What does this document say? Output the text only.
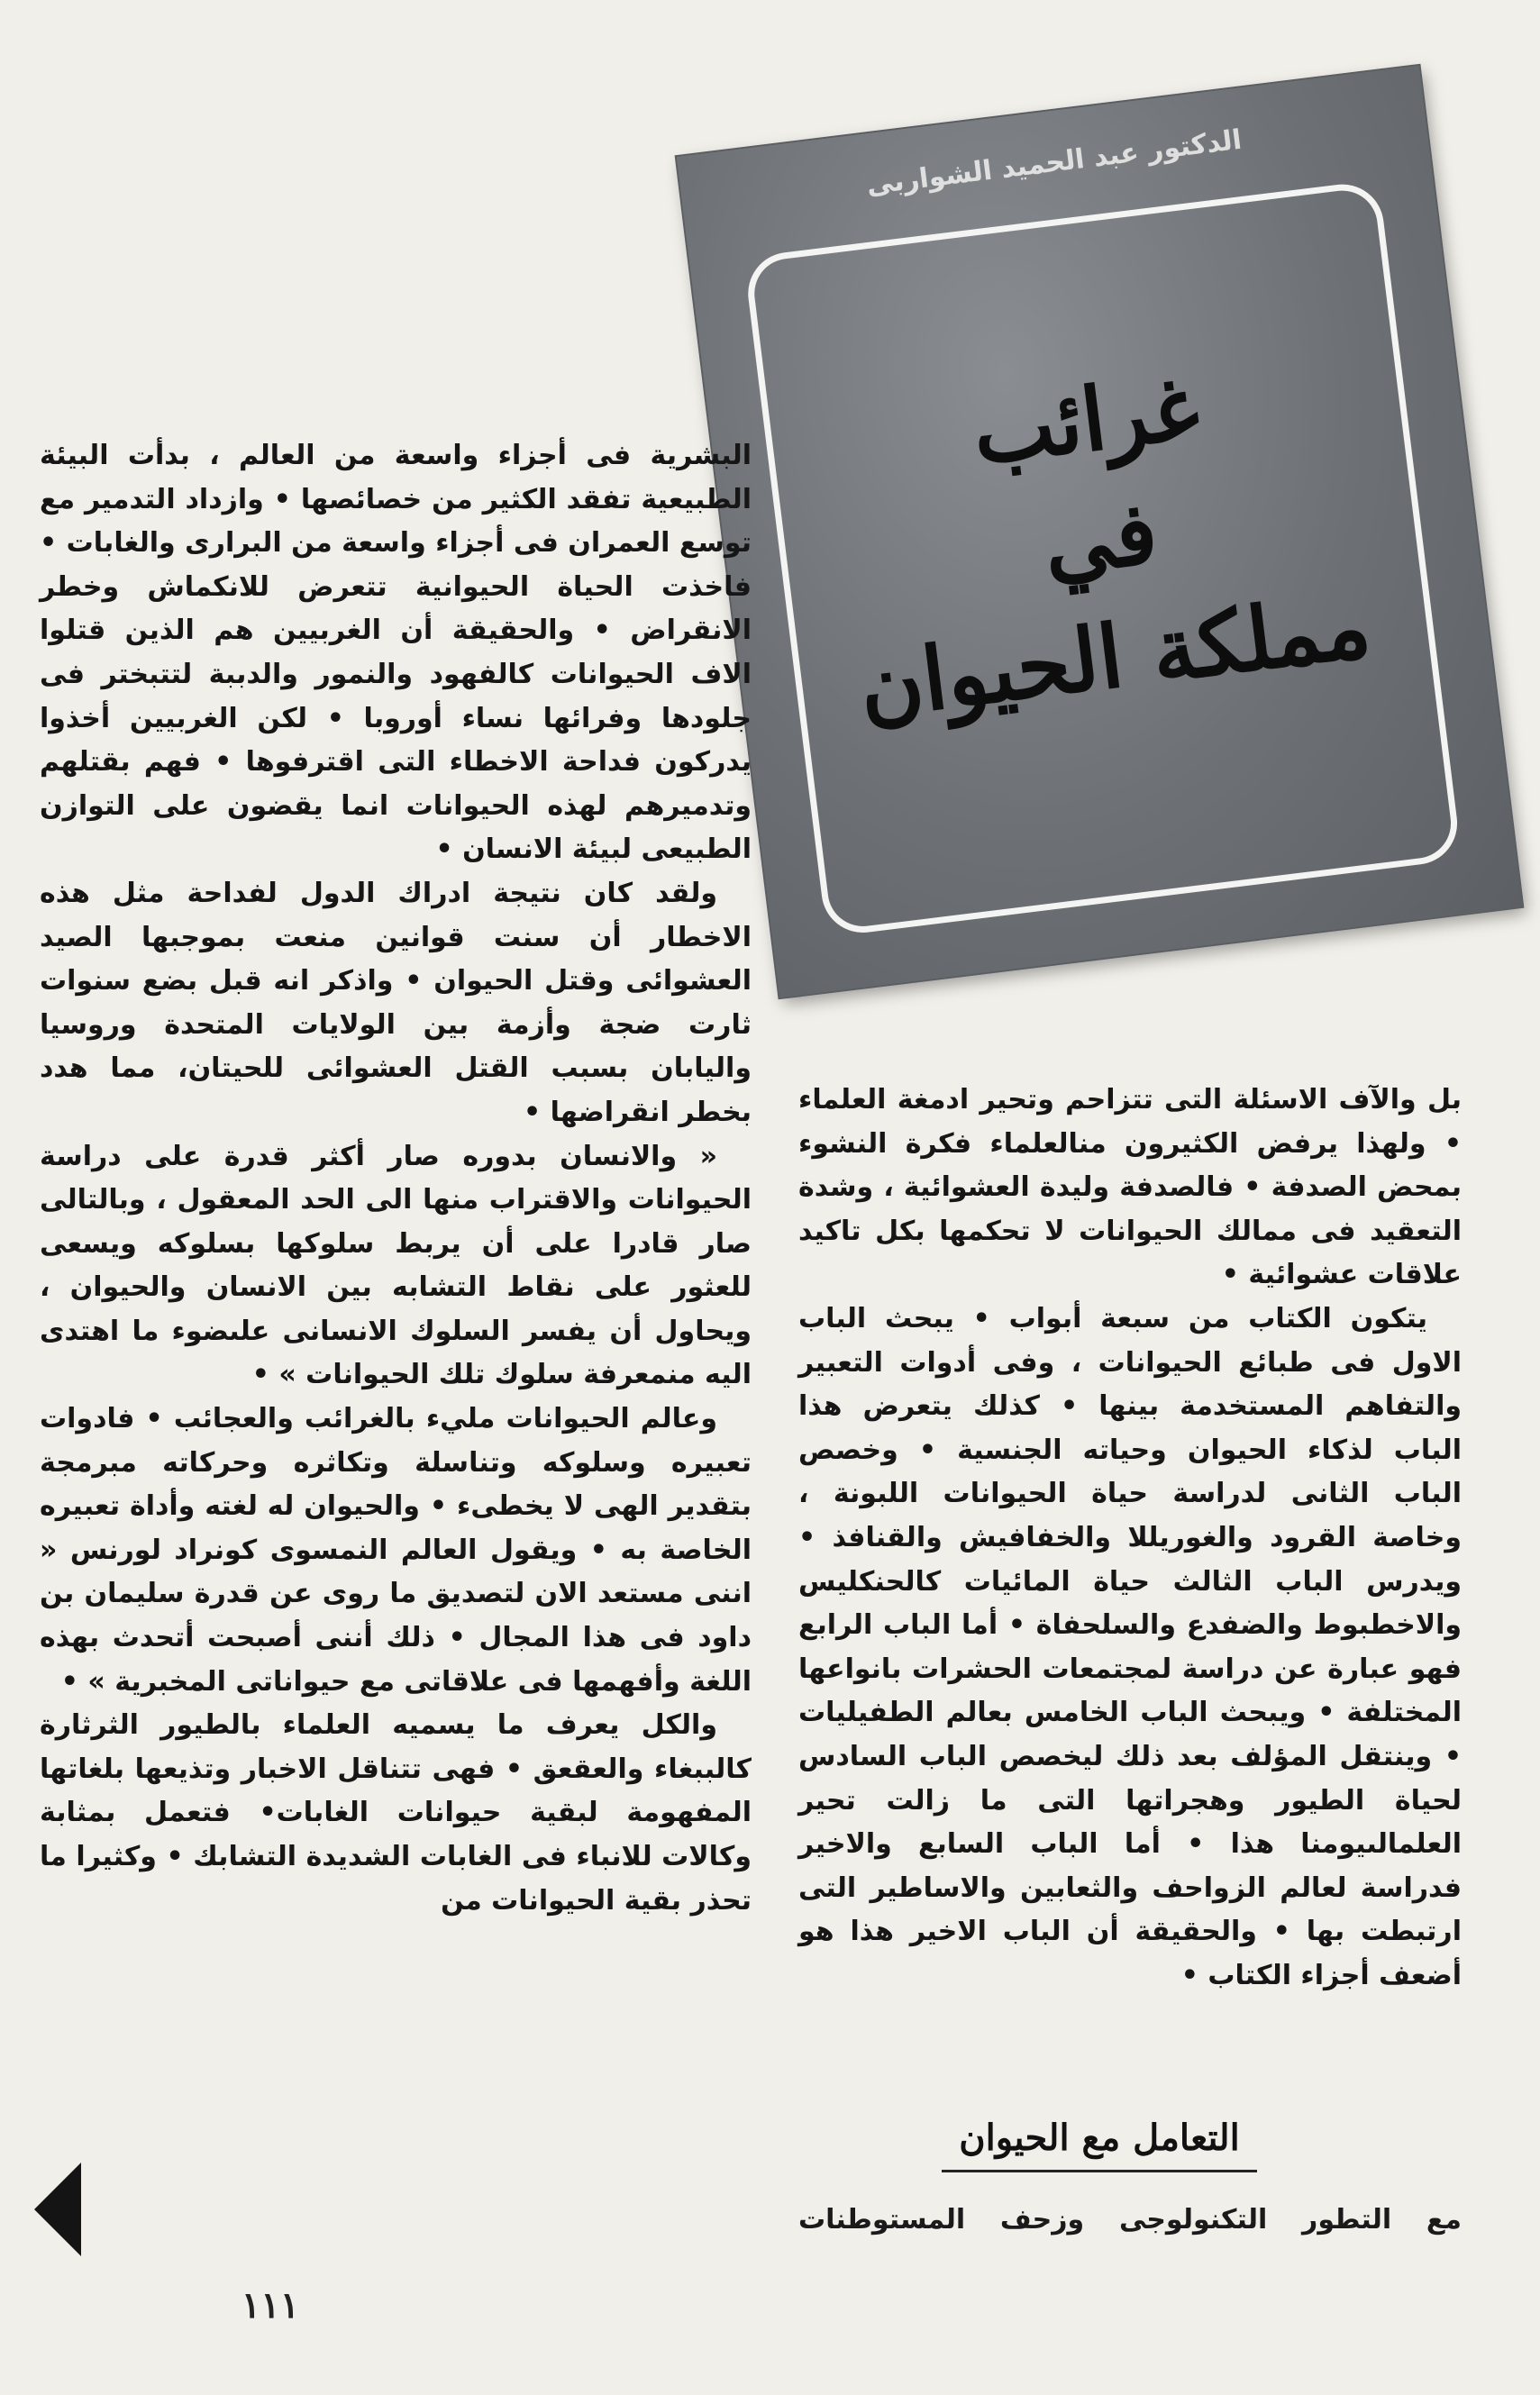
الدكتور عبد الحميد الشواربى
غرائب
في
مملكة الحيوان

البشرية فى أجزاء واسعة من العالم ، بدأت البيئة الطبيعية تفقد الكثير من خصائصها • وازداد التدمير مع توسع العمران فى أجزاء واسعة من البرارى والغابات • فاخذت الحياة الحيوانية تتعرض للانكماش وخطر الانقراض • والحقيقة أن الغربيين هم الذين قتلوا الاف الحيوانات كالفهود والنمور والدببة لتتبختر فى جلودها وفرائها نساء أوروبا • لكن الغربيين أخذوا يدركون فداحة الاخطاء التى اقترفوها • فهم بقتلهم وتدميرهم لهذه الحيوانات انما يقضون على التوازن الطبيعى لبيئة الانسان •

ولقد كان نتيجة ادراك الدول لفداحة مثل هذه الاخطار أن سنت قوانين منعت بموجبها الصيد العشوائى وقتل الحيوان • واذكر انه قبل بضع سنوات ثارت ضجة وأزمة بين الولايات المتحدة وروسيا واليابان بسبب القتل العشوائى للحيتان، مما هدد بخطر انقراضها •

« والانسان بدوره صار أكثر قدرة على دراسة الحيوانات والاقتراب منها الى الحد المعقول ، وبالتالى صار قادرا على أن يربط سلوكها بسلوكه ويسعى للعثور على نقاط التشابه بين الانسان والحيوان ، ويحاول أن يفسر السلوك الانسانى علىضوء ما اهتدى اليه منمعرفة سلوك تلك الحيوانات » •

وعالم الحيوانات مليء بالغرائب والعجائب • فادوات تعبيره وسلوكه وتناسلة وتكاثره وحركاته مبرمجة بتقدير الهى لا يخطىء • والحيوان له لغته وأداة تعبيره الخاصة به • ويقول العالم النمسوى كونراد لورنس « اننى مستعد الان لتصديق ما روى عن قدرة سليمان بن داود فى هذا المجال • ذلك أننى أصبحت أتحدث بهذه اللغة وأفهمها فى علاقاتى مع حيواناتى المخبرية » •

والكل يعرف ما يسميه العلماء بالطيور الثرثارة كالببغاء والعقعق • فهى تتناقل الاخبار وتذيعها بلغاتها المفهومة لبقية حيوانات الغابات• فتعمل بمثابة وكالات للانباء فى الغابات الشديدة التشابك • وكثيرا ما تحذر بقية الحيوانات من

بل والآف الاسئلة التى تتزاحم وتحير ادمغة العلماء • ولهذا يرفض الكثيرون منالعلماء فكرة النشوء بمحض الصدفة • فالصدفة وليدة العشوائية ، وشدة التعقيد فى ممالك الحيوانات لا تحكمها بكل تاكيد علاقات عشوائية •

يتكون الكتاب من سبعة أبواب • يبحث الباب الاول فى طبائع الحيوانات ، وفى أدوات التعبير والتفاهم المستخدمة بينها • كذلك يتعرض هذا الباب لذكاء الحيوان وحياته الجنسية • وخصص الباب الثانى لدراسة حياة الحيوانات اللبونة ، وخاصة القرود والغوريللا والخفافيش والقنافذ • ويدرس الباب الثالث حياة المائيات كالحنكليس والاخطبوط والضفدع والسلحفاة • أما الباب الرابع فهو عبارة عن دراسة لمجتمعات الحشرات بانواعها المختلفة • ويبحث الباب الخامس بعالم الطفيليات • وينتقل المؤلف بعد ذلك ليخصص الباب السادس لحياة الطيور وهجراتها التى ما زالت تحير العلمالىيومنا هذا • أما الباب السابع والاخير فدراسة لعالم الزواحف والثعابين والاساطير التى ارتبطت بها • والحقيقة أن الباب الاخير هذا هو أضعف أجزاء الكتاب •

التعامل مع الحيوان
مع التطور التكنولوجى وزحف المستوطنات
١١١
